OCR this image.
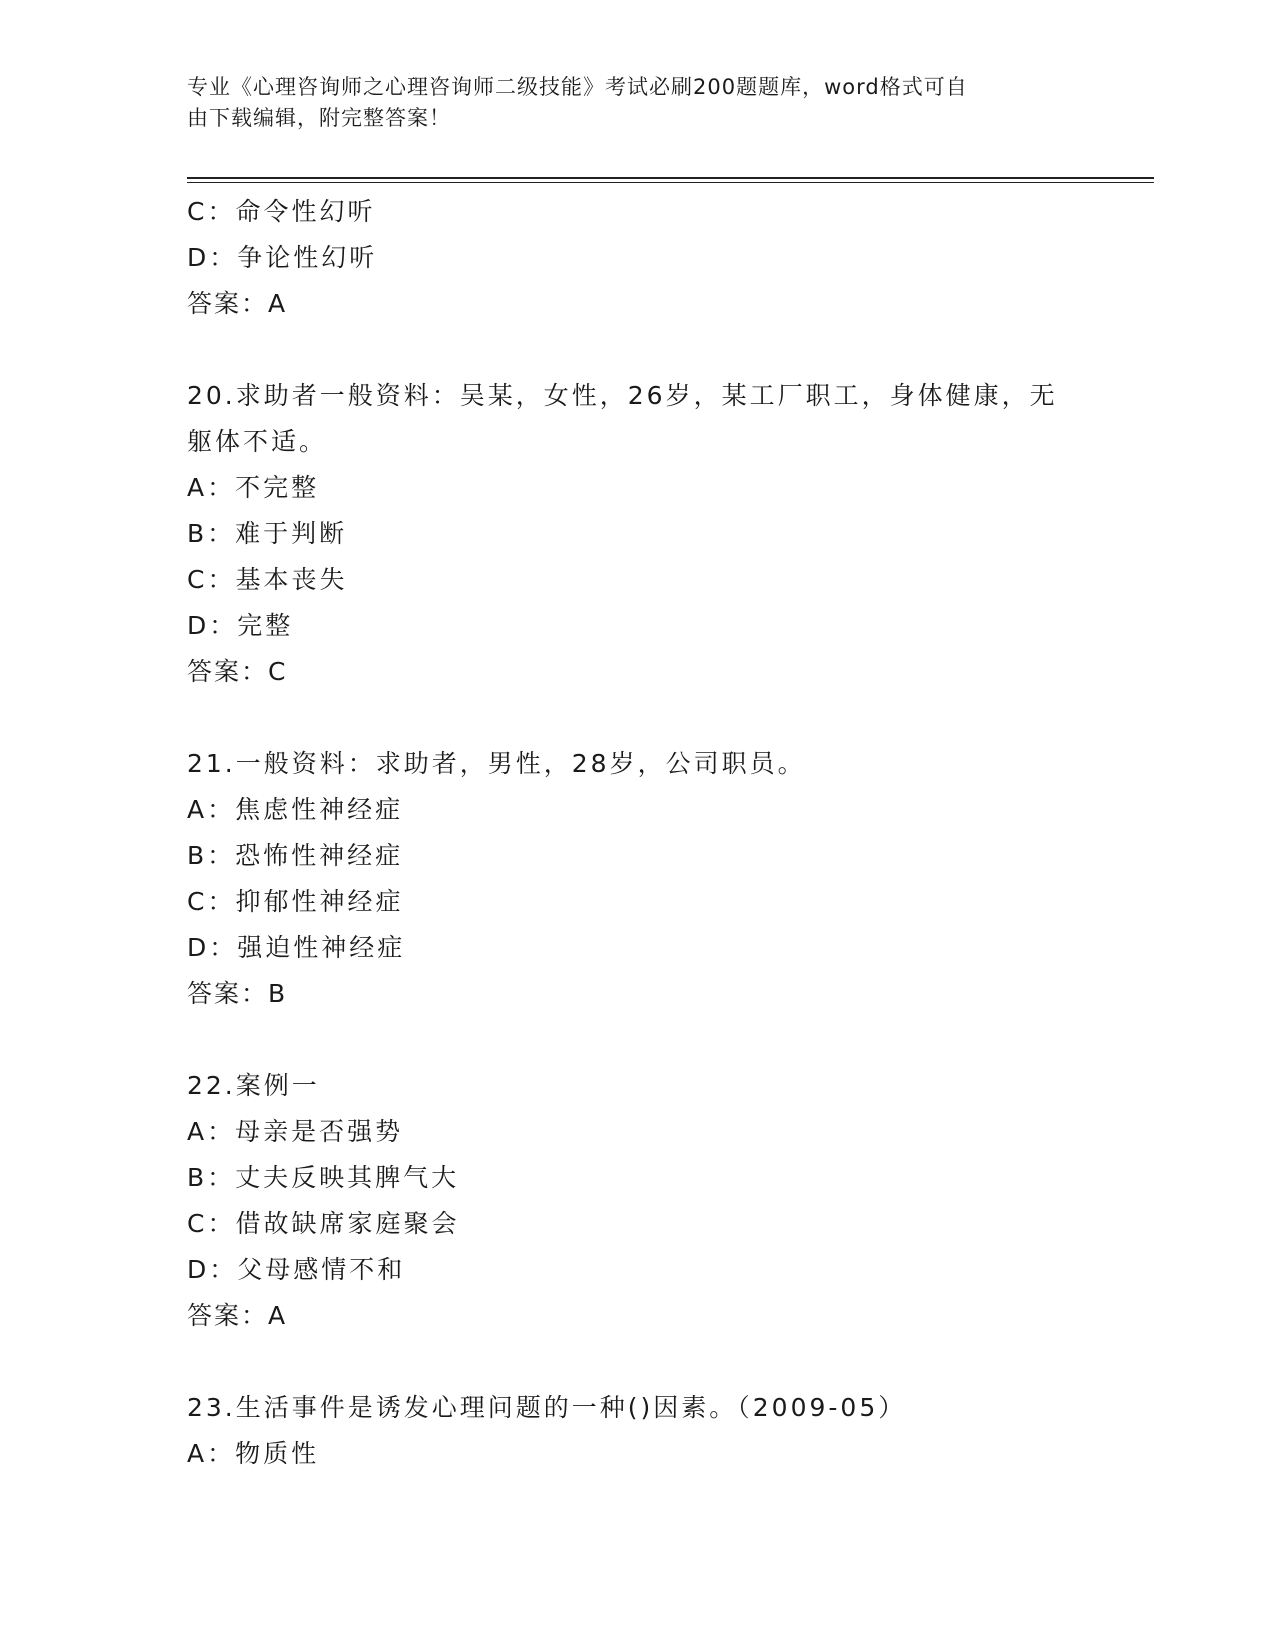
专业《心理咨询师之心理咨询师二级技能》考试必刷200题题库，word格式可自
由下载编辑，附完整答案！
C：命令性幻听
D：争论性幻听
答案：A
20.求助者一般资料：吴某，女性，26岁，某工厂职工，身体健康，无
躯体不适。
A：不完整
B：难于判断
C：基本丧失
D：完整
答案：C
21.一般资料：求助者，男性，28岁，公司职员。
A：焦虑性神经症
B：恐怖性神经症
C：抑郁性神经症
D：强迫性神经症
答案：B
22.案例一
A：母亲是否强势
B：丈夫反映其脾气大
C：借故缺席家庭聚会
D：父母感情不和
答案：A
23.生活事件是诱发心理问题的一种()因素。（2009-05）
A：物质性
